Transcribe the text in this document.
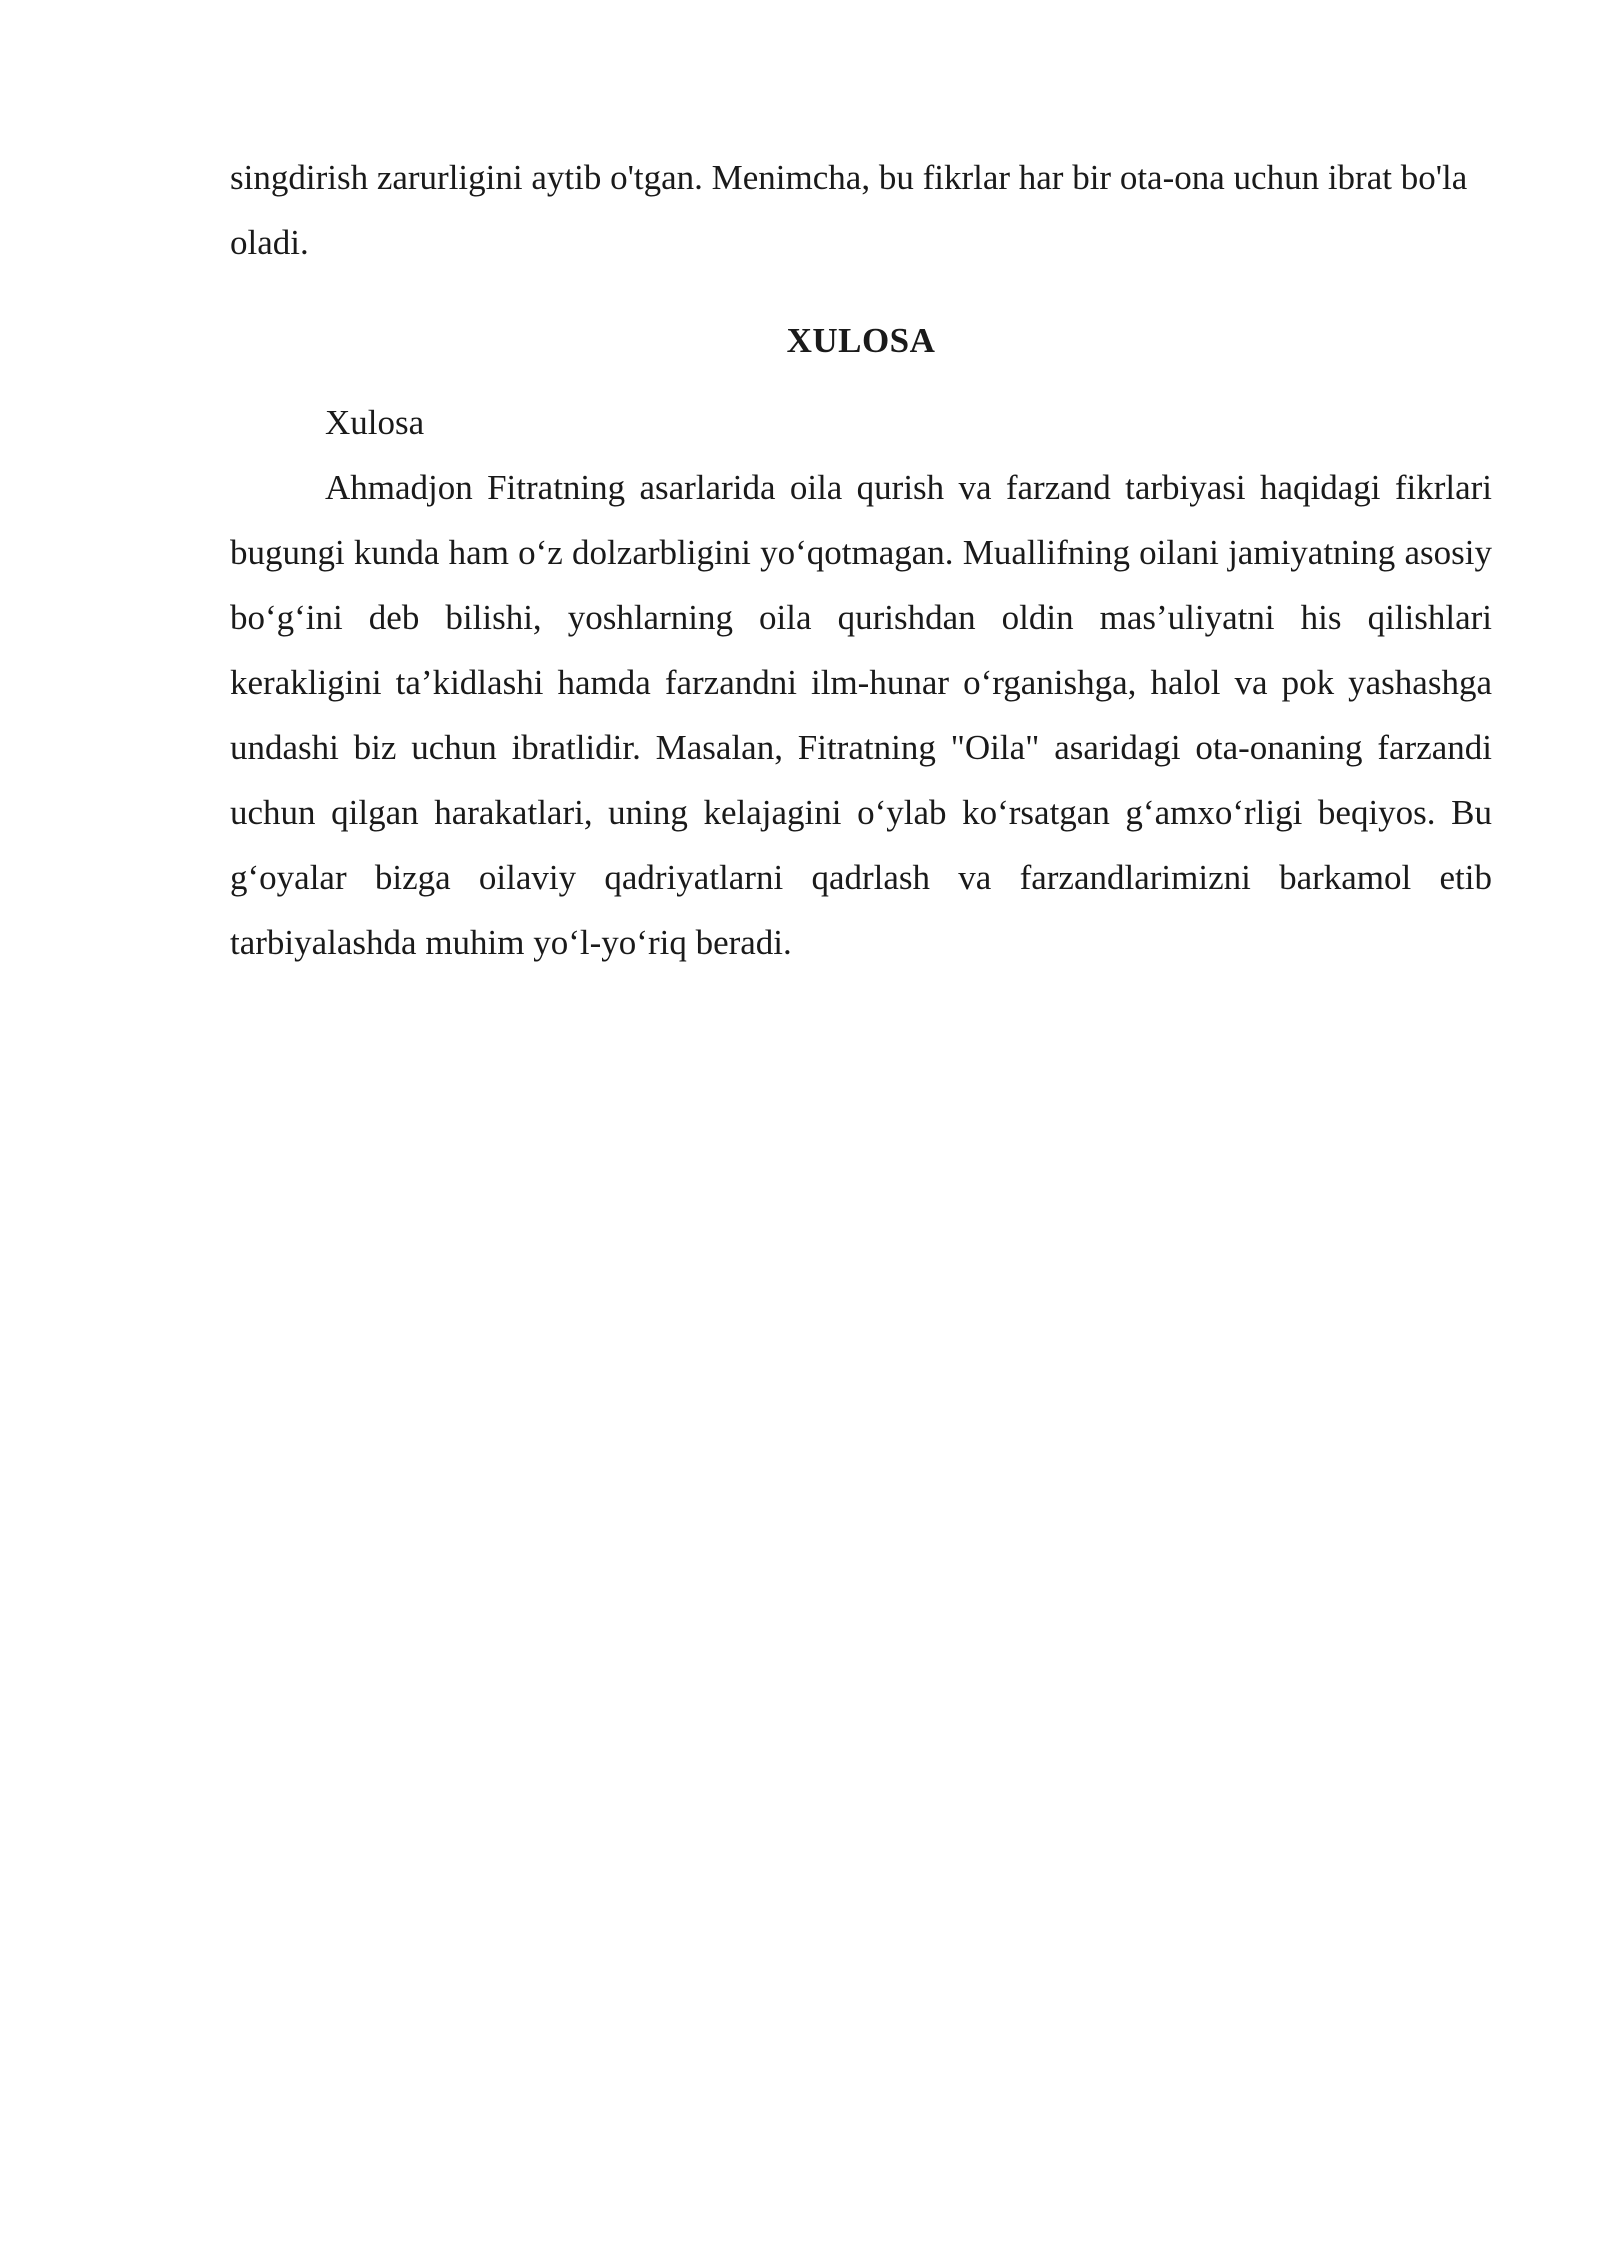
singdirish zarurligini aytib o'tgan. Menimcha, bu fikrlar har bir ota-ona uchun ibrat bo'la oladi.

XULOSA

Xulosa

Ahmadjon Fitratning asarlarida oila qurish va farzand tarbiyasi haqidagi fikrlari bugungi kunda ham o‘z dolzarbligini yo‘qotmagan. Muallifning oilani jamiyatning asosiy bo‘g‘ini deb bilishi, yoshlarning oila qurishdan oldin mas’uliyatni his qilishlari kerakligini ta’kidlashi hamda farzandni ilm-hunar o‘rganishga, halol va pok yashashga undashi biz uchun ibratlidir. Masalan, Fitratning "Oila" asaridagi ota-onaning farzandi uchun qilgan harakatlari, uning kelajagini o‘ylab ko‘rsatgan g‘amxo‘rligi beqiyos. Bu g‘oyalar bizga oilaviy qadriyatlarni qadrlash va farzandlarimizni barkamol etib tarbiyalashda muhim yo‘l-yo‘riq beradi.
